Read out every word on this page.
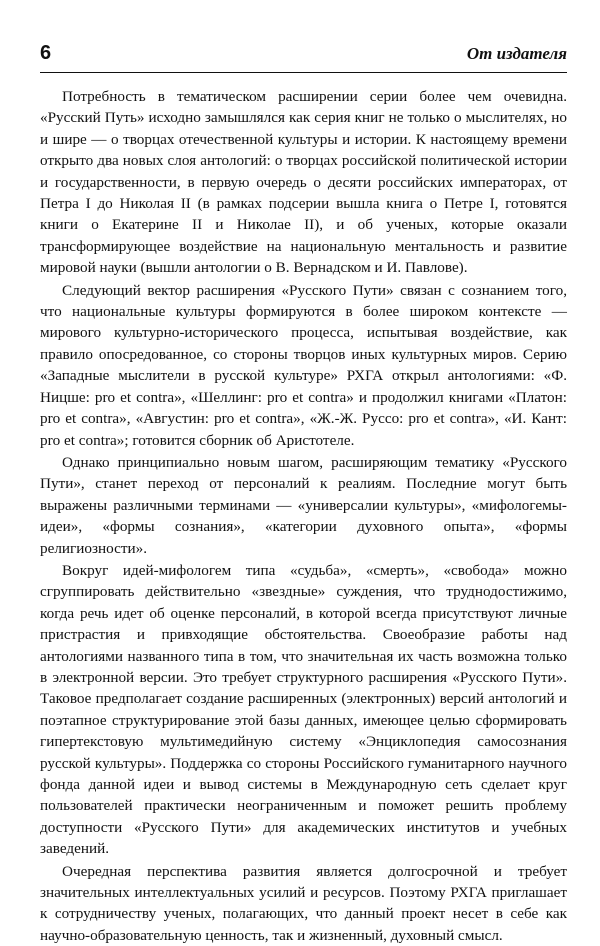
6	От издателя

Потребность в тематическом расширении серии более чем очевидна. «Русский Путь» исходно замышлялся как серия книг не только о мыслителях, но и шире — о творцах отечественной культуры и истории. К настоящему времени открыто два новых слоя антологий: о творцах российской политической истории и государственности, в первую очередь о десяти российских императорах, от Петра I до Николая II (в рамках подсерии вышла книга о Петре I, готовятся книги о Екатерине II и Николае II), и об ученых, которые оказали трансформирующее воздействие на национальную ментальность и развитие мировой науки (вышли антологии о В. Вернадском и И. Павлове).

Следующий вектор расширения «Русского Пути» связан с сознанием того, что национальные культуры формируются в более широком контексте — мирового культурно-исторического процесса, испытывая воздействие, как правило опосредованное, со стороны творцов иных культурных миров. Серию «Западные мыслители в русской культуре» РХГА открыл антологиями: «Ф. Ницше: pro et contra», «Шеллинг: pro et contra» и продолжил книгами «Платон: pro et contra», «Августин: pro et contra», «Ж.-Ж. Руссо: pro et contra», «И. Кант: pro et contra»; готовится сборник об Аристотеле.

Однако принципиально новым шагом, расширяющим тематику «Русского Пути», станет переход от персоналий к реалиям. Последние могут быть выражены различными терминами — «универсалии культуры», «мифологемы-идеи», «формы сознания», «категории духовного опыта», «формы религиозности».

Вокруг идей-мифологем типа «судьба», «смерть», «свобода» можно сгруппировать действительно «звездные» суждения, что труднодостижимо, когда речь идет об оценке персоналий, в которой всегда присутствуют личные пристрастия и привходящие обстоятельства. Своеобразие работы над антологиями названного типа в том, что значительная их часть возможна только в электронной версии. Это требует структурного расширения «Русского Пути». Таковое предполагает создание расширенных (электронных) версий антологий и поэтапное структурирование этой базы данных, имеющее целью сформировать гипертекстовую мультимедийную систему «Энциклопедия самосознания русской культуры». Поддержка со стороны Российского гуманитарного научного фонда данной идеи и вывод системы в Международную сеть сделает круг пользователей практически неограниченным и поможет решить проблему доступности «Русского Пути» для академических институтов и учебных заведений.

Очередная перспектива развития является долгосрочной и требует значительных интеллектуальных усилий и ресурсов. Поэтому РХГА приглашает к сотрудничеству ученых, полагающих, что данный проект несет в себе как научно-образовательную ценность, так и жизненный, духовный смысл.
